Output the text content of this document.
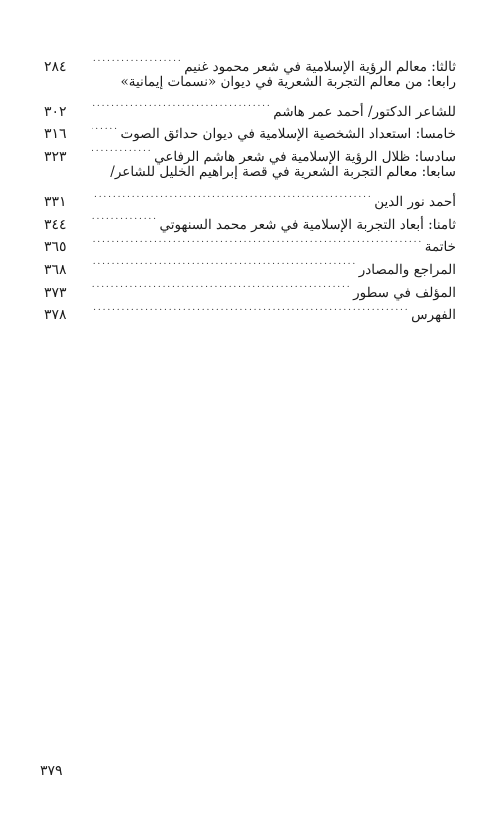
ثالثا: معالم الرؤية الإسلامية في شعر محمود غنيم
. . .
٢٨٤
رابعا: من معالم التجربة الشعرية في ديوان «نسمات إيمانية»
للشاعر الدكتور/ أحمد عمر هاشم
. . .
٣٠٢
خامسا: استعداد الشخصية الإسلامية في ديوان حدائق الصوت
. . .
٣١٦
سادسا: ظلال الرؤية الإسلامية في شعر هاشم الرفاعي
. . .
٣٢٣
سابعا: معالم التجربة الشعرية في قصة إبراهيم الخليل للشاعر/
أحمد نور الدين
. . .
٣٣١
ثامنا: أبعاد التجربة الإسلامية في شعر محمد السنهوتي
. . .
٣٤٤
خاتمة
. . .
٣٦٥
المراجع والمصادر
. . .
٣٦٨
المؤلف في سطور
. . .
٣٧٣
الفهرس
. . .
٣٧٨
٣٧٩
